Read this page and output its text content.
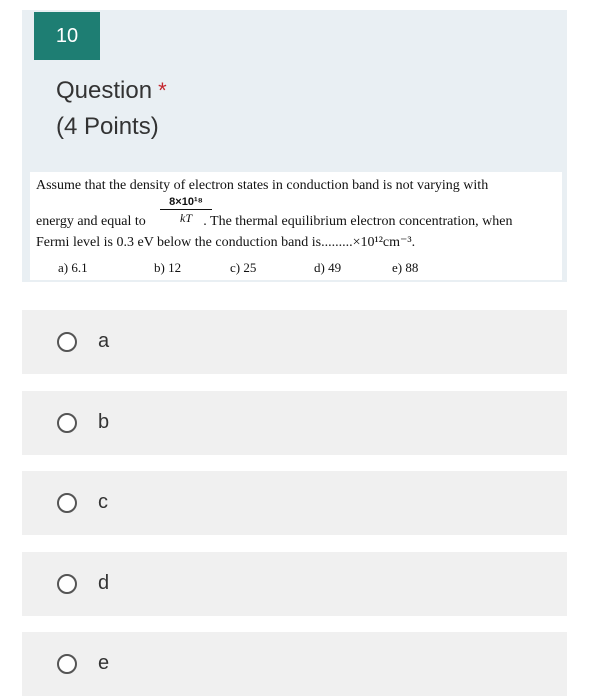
10
Question *
(4 Points)
Assume that the density of electron states in conduction band is not varying with
energy and equal to	. The thermal equilibrium electron concentration, when
8×10¹⁸
kT
Fermi level is 0.3 eV below the conduction band is.........×10¹²cm⁻³.
a) 6.1	b) 12	c) 25	d) 49	e) 88
a
b
c
d
e
